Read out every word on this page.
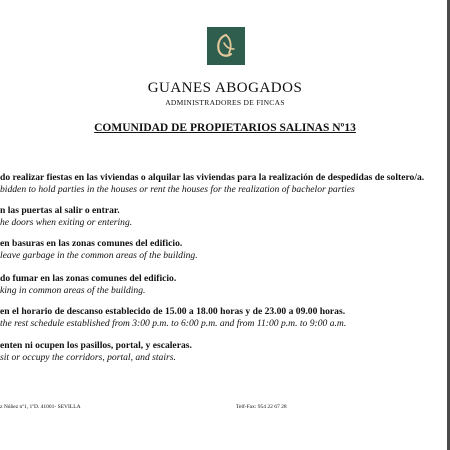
GUANES ABOGADOS
ADMINISTRADORES DE FINCAS
COMUNIDAD DE PROPIETARIOS SALINAS Nº13
do realizar fiestas en las viviendas o alquilar las viviendas para la realización de despedidas de soltero/a.
bidden to hold parties in the houses or rent the houses for the realization of bachelor parties
n las puertas al salir o entrar.
he doors when exiting or entering.
en basuras en las zonas comunes del edificio.
leave garbage in the common areas of the building.
do fumar en las zonas comunes del edificio.
king in common areas of the building.
en el horario de descanso establecido de 15.00 a 18.00 horas y de 23.00 a 09.00 horas.
the rest schedule established from 3:00 p.m. to 6:00 p.m. and from 11:00 p.m. to 9:00 a.m.
enten ni ocupen los pasillos, portal, y escaleras.
sit or occupy the corridors, portal, and stairs.
z Núñez nº1, 1ºD. 41001- SEVILLA	Telf-Fax: 954 22 67 28
